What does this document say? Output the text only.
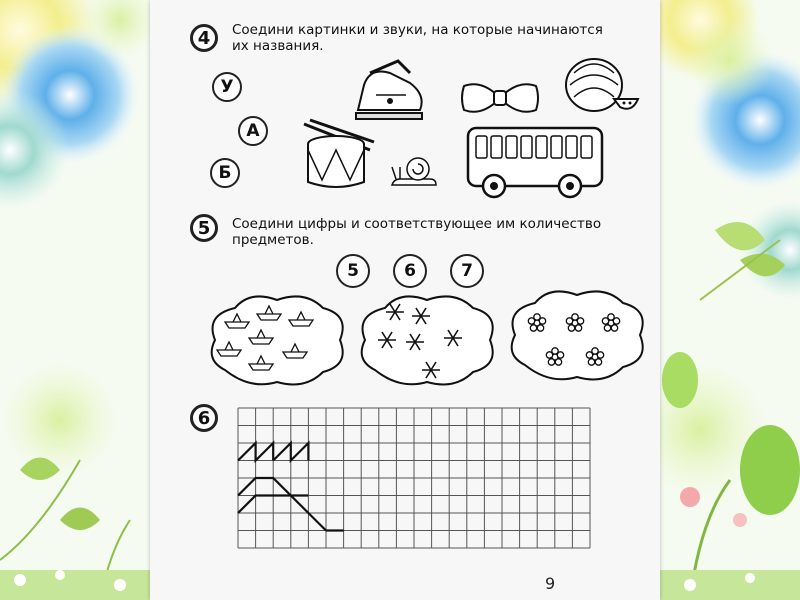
4	Соедини картинки и звуки, на которые начинаются
их названия.
У
А
Б
5	Соедини цифры и соответствующее им количество
предметов.
5	6	7
6
9
